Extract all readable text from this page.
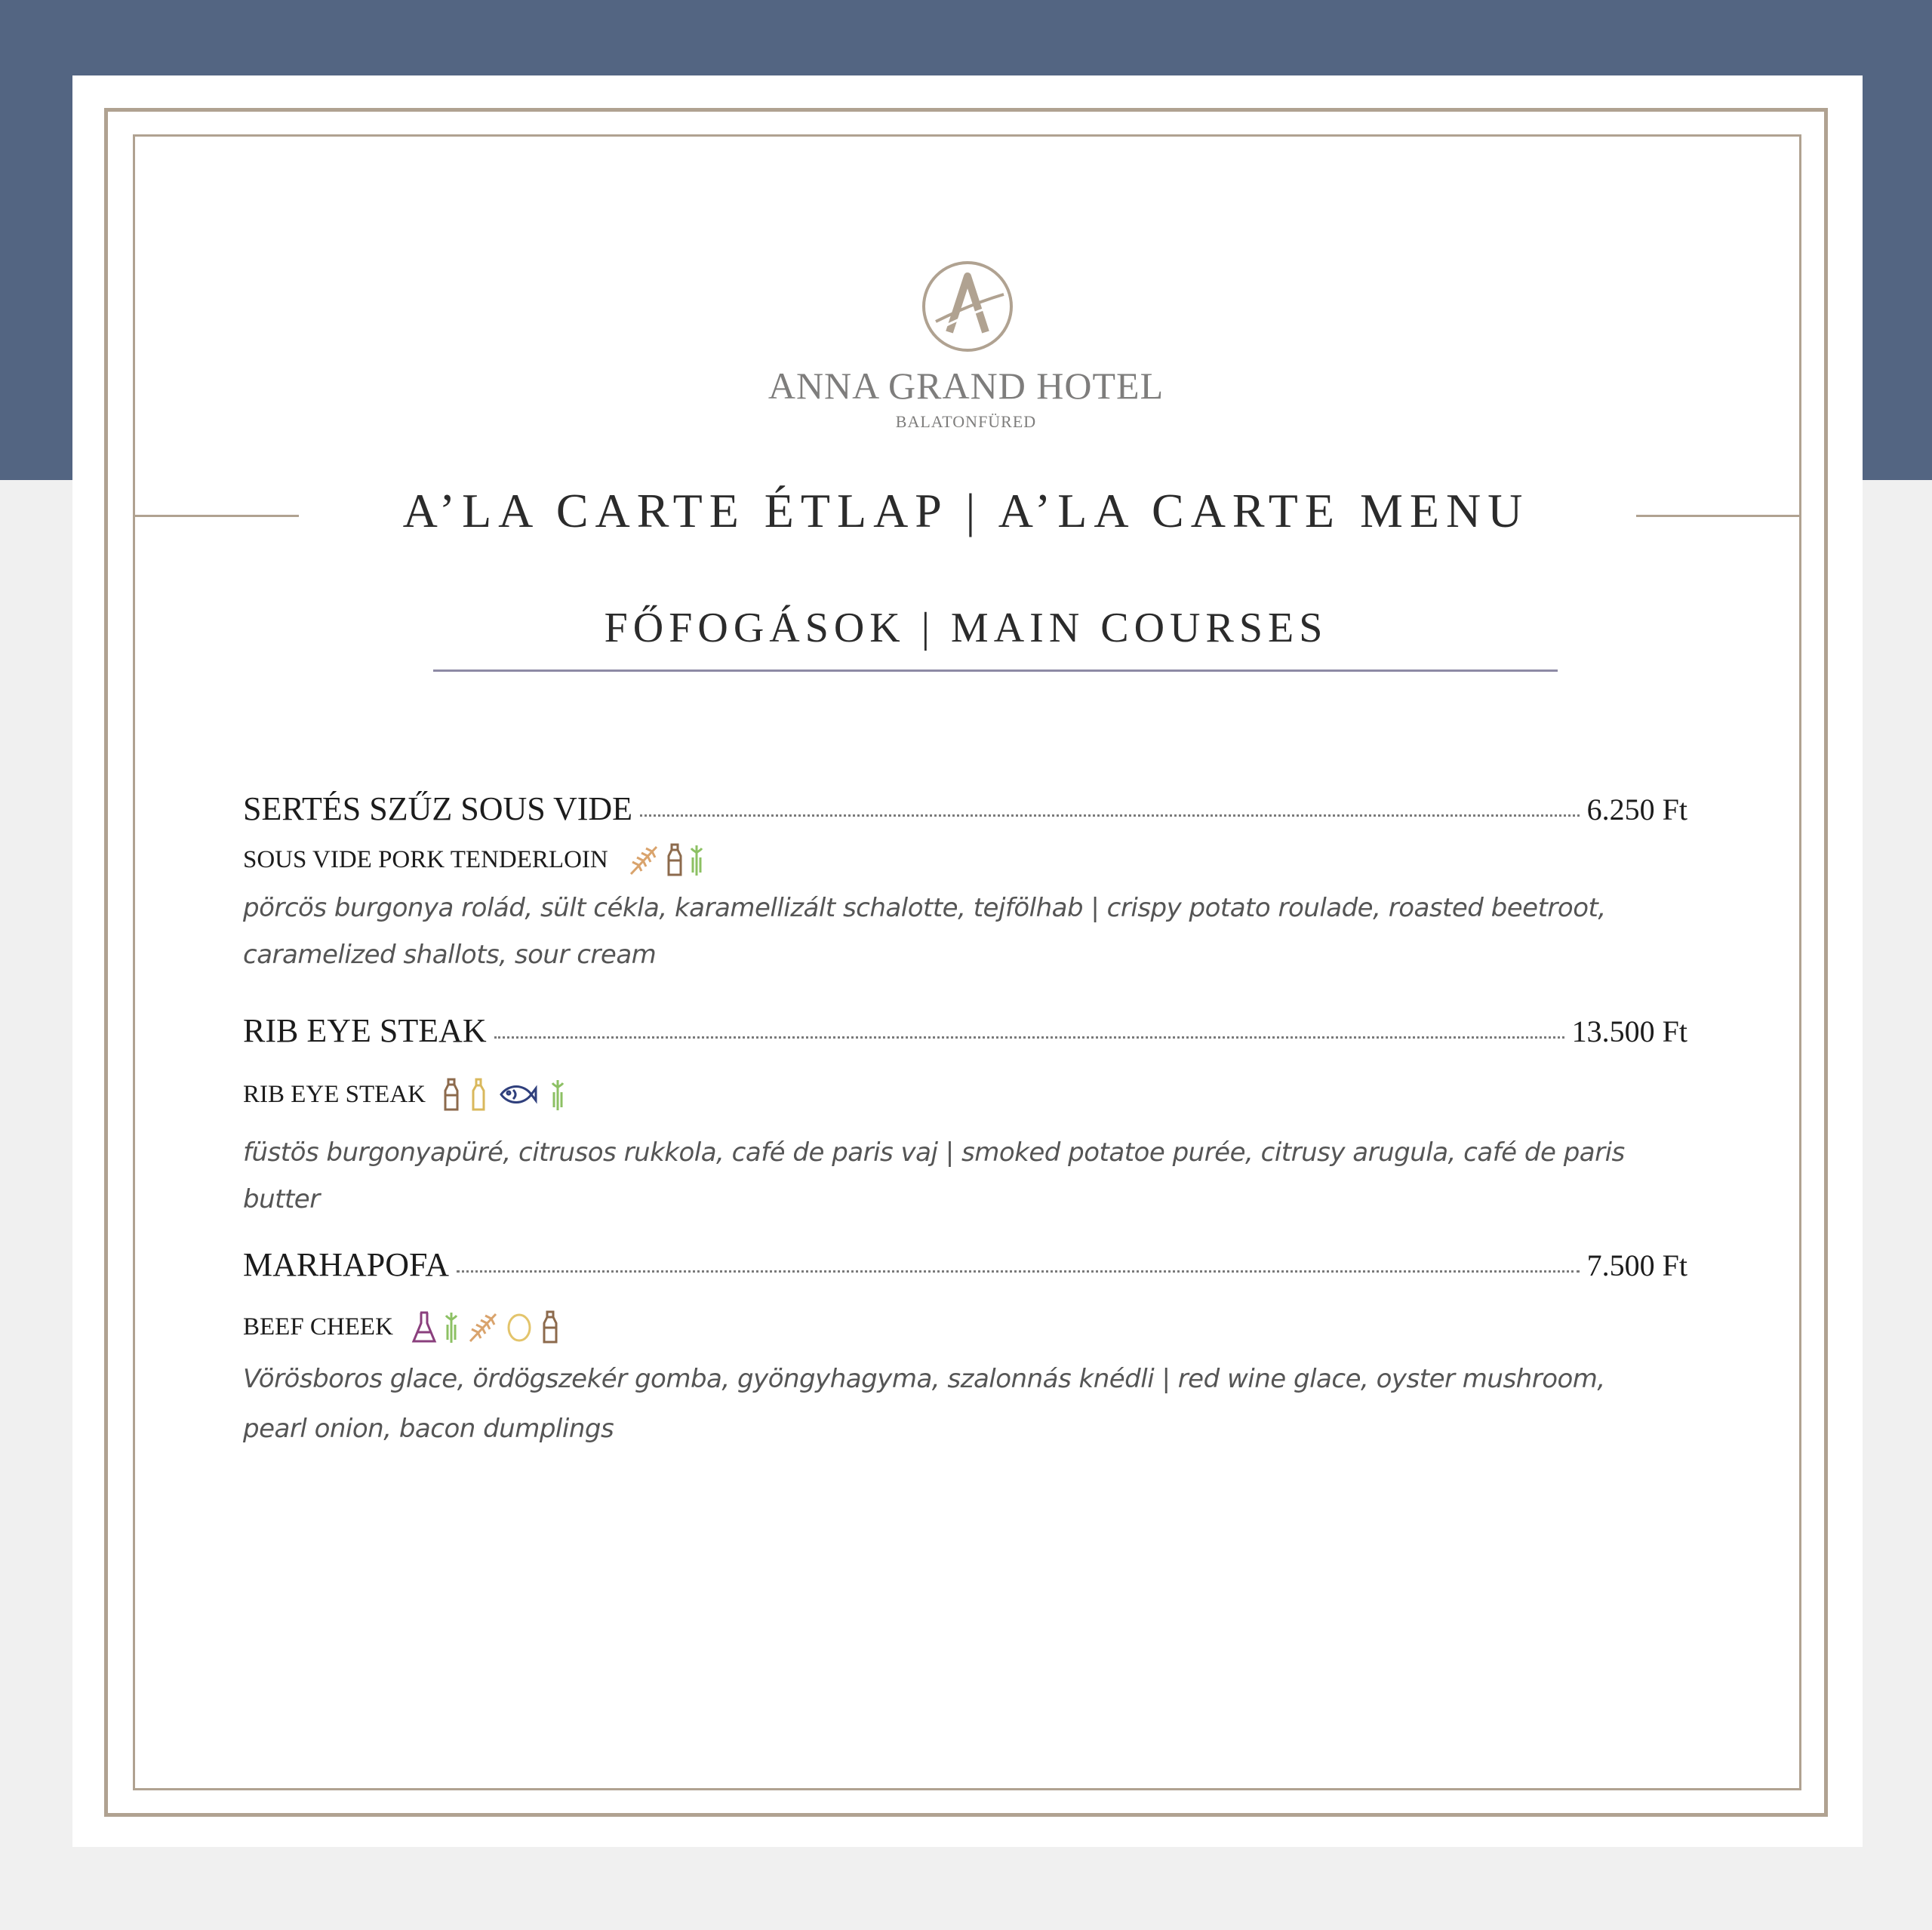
ANNA GRAND HOTEL
BALATONFÜRED
A’LA CARTE ÉTLAP | A’LA CARTE MENU
FŐFOGÁSOK | MAIN COURSES
SERTÉS SZŰZ SOUS VIDE	6.250 Ft
SOUS VIDE PORK TENDERLOIN
pörcös burgonya rolád, sült cékla, karamellizált schalotte, tejfölhab | crispy potato roulade, roasted beetroot,
caramelized shallots, sour cream
RIB EYE STEAK	13.500 Ft
RIB EYE STEAK
füstös burgonyapüré, citrusos rukkola, café de paris vaj | smoked potatoe purée, citrusy arugula, café de paris butter
MARHAPOFA	7.500 Ft
BEEF CHEEK
Vörösboros glace, ördögszekér gomba, gyöngyhagyma, szalonnás knédli | red wine glace, oyster mushroom,
pearl onion, bacon dumplings
